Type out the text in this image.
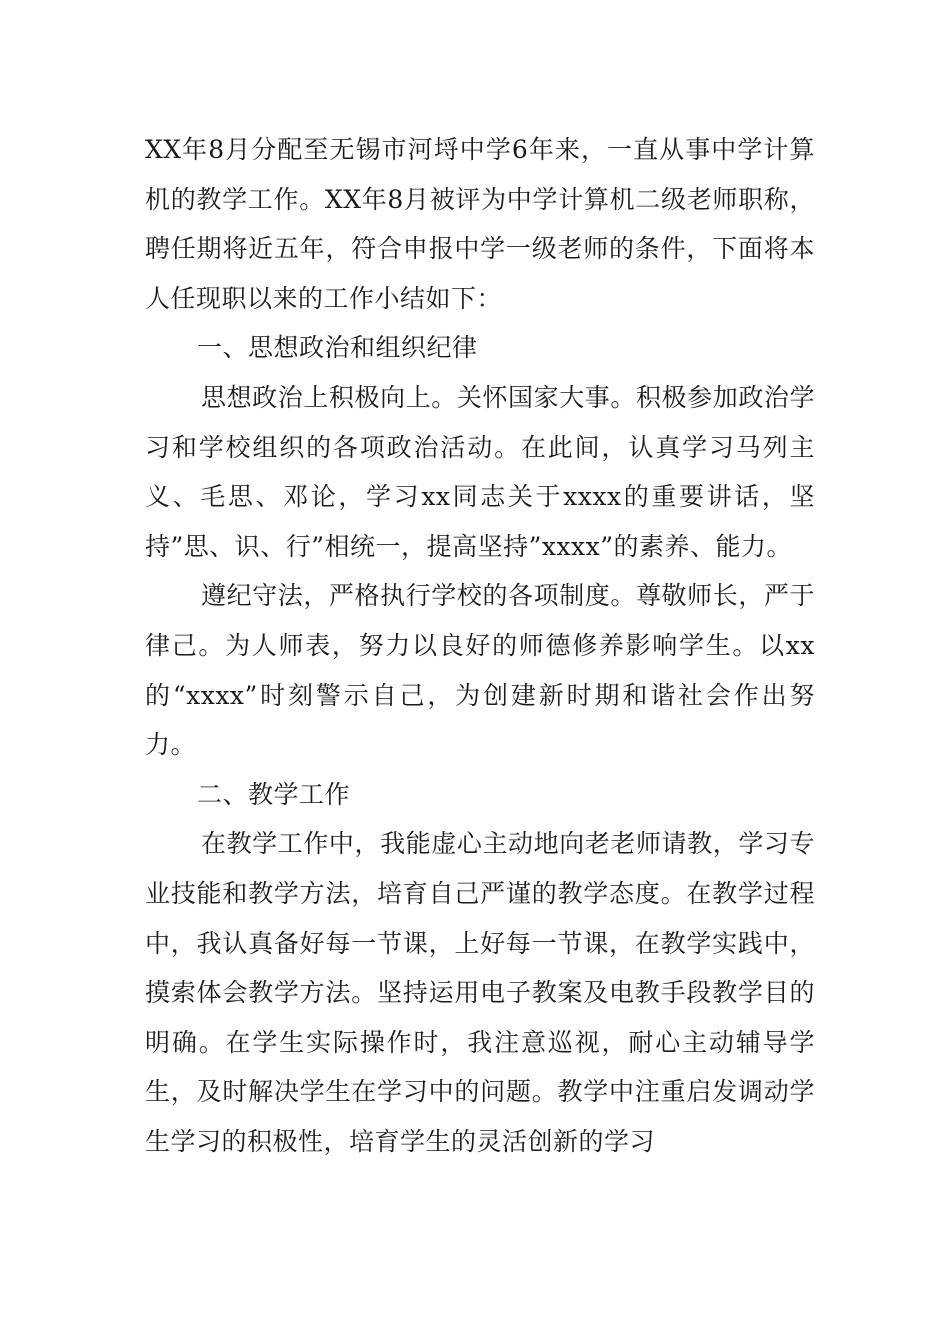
XX年8月分配至无锡市河埒中学6年来，一直从事中学计算机的教学工作。XX年8月被评为中学计算机二级老师职称，聘任期将近五年，符合申报中学一级老师的条件，下面将本人任现职以来的工作小结如下：

一、思想政治和组织纪律

思想政治上积极向上。关怀国家大事。积极参加政治学习和学校组织的各项政治活动。在此间，认真学习马列主义、毛思、邓论，学习xx同志关于xxxx的重要讲话，坚持”思、识、行”相统一，提高坚持”xxxx”的素养、能力。

遵纪守法，严格执行学校的各项制度。尊敬师长，严于律己。为人师表，努力以良好的师德修养影响学生。以xx的“xxxx”时刻警示自己，为创建新时期和谐社会作出努力。

二、教学工作

在教学工作中，我能虚心主动地向老老师请教，学习专业技能和教学方法，培育自己严谨的教学态度。在教学过程中，我认真备好每一节课，上好每一节课，在教学实践中，摸索体会教学方法。坚持运用电子教案及电教手段教学目的明确。在学生实际操作时，我注意巡视，耐心主动辅导学生，及时解决学生在学习中的问题。教学中注重启发调动学生学习的积极性，培育学生的灵活创新的学习
